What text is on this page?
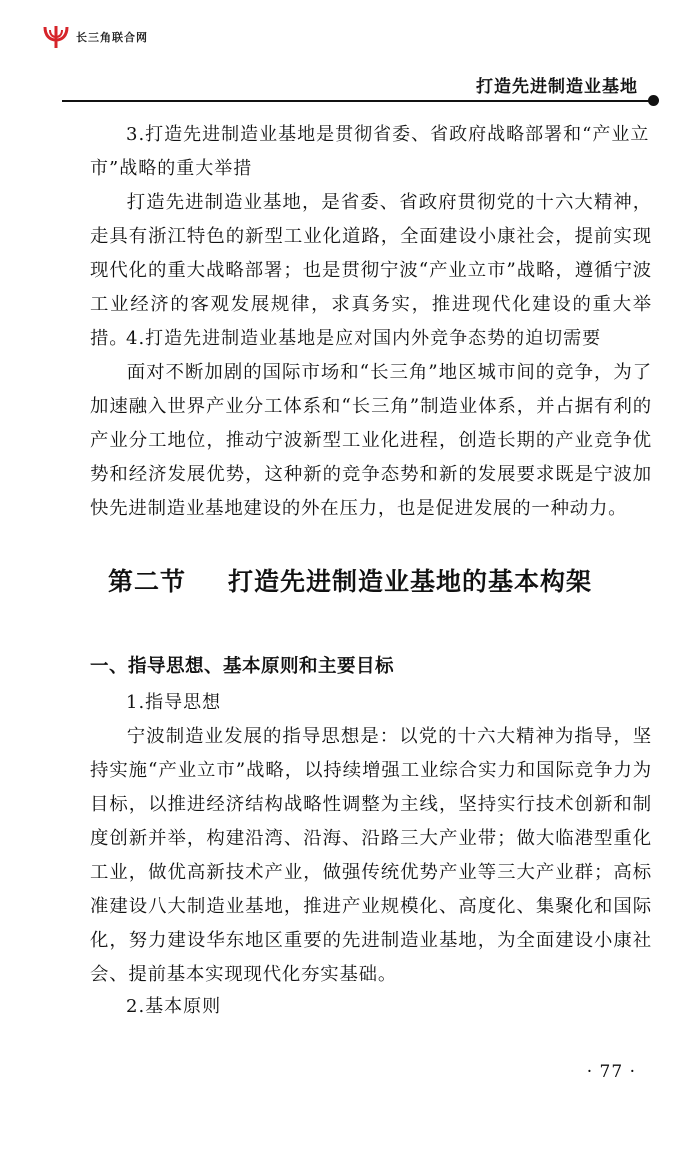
长三角联合网
打造先进制造业基地

3.打造先进制造业基地是贯彻省委、省政府战略部署和“产业立市”战略的重大举措

打造先进制造业基地，是省委、省政府贯彻党的十六大精神，走具有浙江特色的新型工业化道路，全面建设小康社会，提前实现现代化的重大战略部署；也是贯彻宁波“产业立市”战略，遵循宁波工业经济的客观发展规律，求真务实，推进现代化建设的重大举措。

4.打造先进制造业基地是应对国内外竞争态势的迫切需要

面对不断加剧的国际市场和“长三角”地区城市间的竞争，为了加速融入世界产业分工体系和“长三角”制造业体系，并占据有利的产业分工地位，推动宁波新型工业化进程，创造长期的产业竞争优势和经济发展优势，这种新的竞争态势和新的发展要求既是宁波加快先进制造业基地建设的外在压力，也是促进发展的一种动力。

第二节 打造先进制造业基地的基本构架
一、指导思想、基本原则和主要目标

1.指导思想

宁波制造业发展的指导思想是：以党的十六大精神为指导，坚持实施“产业立市”战略，以持续增强工业综合实力和国际竞争力为目标，以推进经济结构战略性调整为主线，坚持实行技术创新和制度创新并举，构建沿湾、沿海、沿路三大产业带；做大临港型重化工业，做优高新技术产业，做强传统优势产业等三大产业群；高标准建设八大制造业基地，推进产业规模化、高度化、集聚化和国际化，努力建设华东地区重要的先进制造业基地，为全面建设小康社会、提前基本实现现代化夯实基础。

2.基本原则

· 77 ·
